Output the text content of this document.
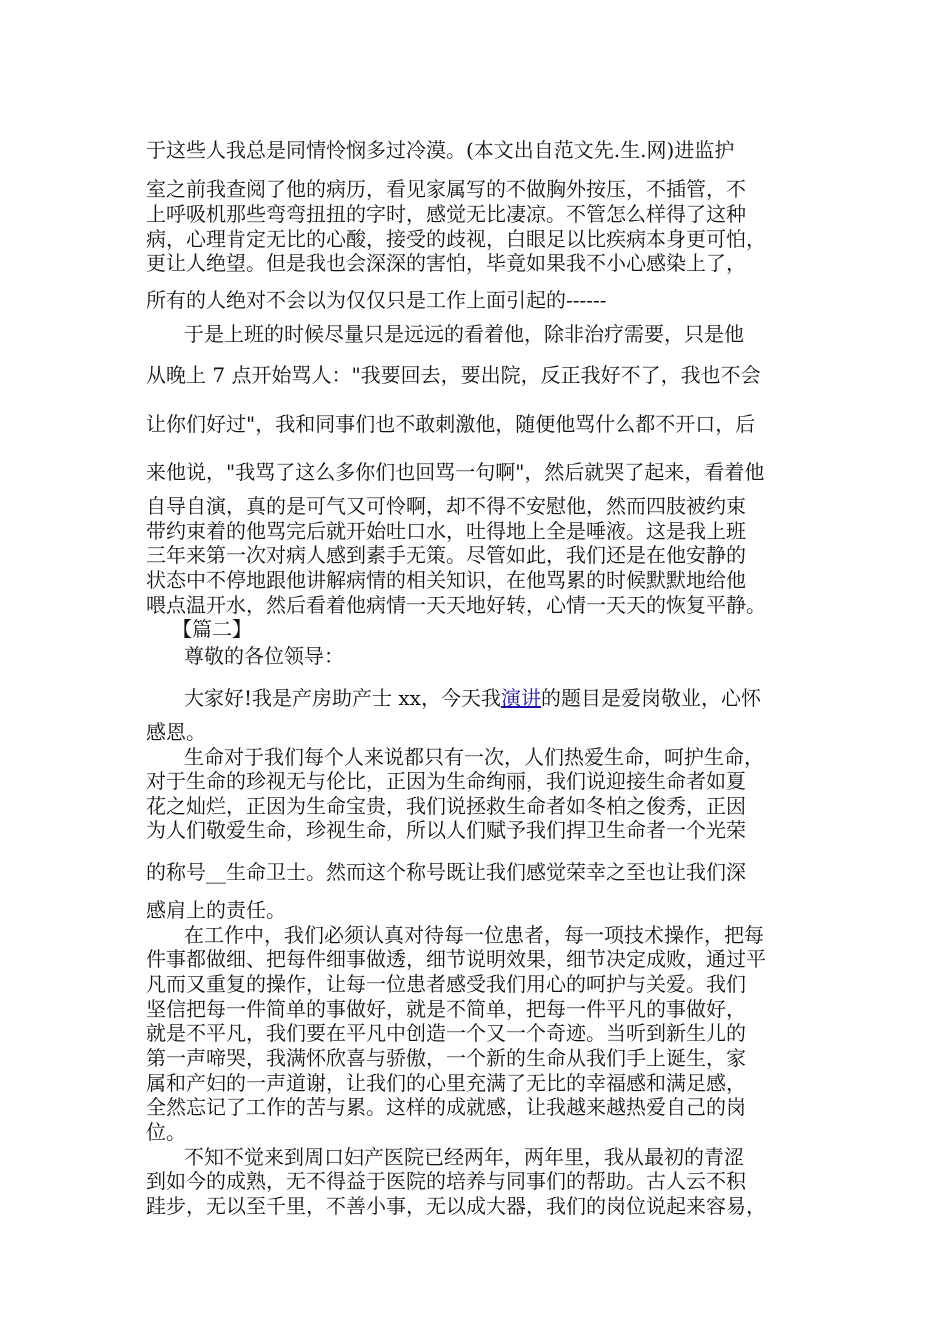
于这些人我总是同情怜悯多过冷漠。(本文出自范文先.生.网)进监护

室之前我查阅了他的病历，看见家属写的不做胸外按压，不插管，不

上呼吸机那些弯弯扭扭的字时，感觉无比凄凉。不管怎么样得了这种

病，心理肯定无比的心酸，接受的歧视，白眼足以比疾病本身更可怕，

更让人绝望。但是我也会深深的害怕，毕竟如果我不小心感染上了，

所有的人绝对不会以为仅仅只是工作上面引起的------

于是上班的时候尽量只是远远的看着他，除非治疗需要，只是他

从晚上 7 点开始骂人："我要回去，要出院，反正我好不了，我也不会

让你们好过"，我和同事们也不敢刺激他，随便他骂什么都不开口，后

来他说，"我骂了这么多你们也回骂一句啊"，然后就哭了起来，看着他

自导自演，真的是可气又可怜啊，却不得不安慰他，然而四肢被约束

带约束着的他骂完后就开始吐口水，吐得地上全是唾液。这是我上班

三年来第一次对病人感到素手无策。尽管如此，我们还是在他安静的

状态中不停地跟他讲解病情的相关知识，在他骂累的时候默默地给他

喂点温开水，然后看着他病情一天天地好转，心情一天天的恢复平静。

【篇二】

尊敬的各位领导：

大家好!我是产房助产士 xx，今天我演讲的题目是爱岗敬业，心怀

感恩。

生命对于我们每个人来说都只有一次，人们热爱生命，呵护生命，

对于生命的珍视无与伦比，正因为生命绚丽，我们说迎接生命者如夏

花之灿烂，正因为生命宝贵，我们说拯救生命者如冬柏之俊秀，正因

为人们敬爱生命，珍视生命，所以人们赋予我们捍卫生命者一个光荣

的称号__生命卫士。然而这个称号既让我们感觉荣幸之至也让我们深

感肩上的责任。

在工作中，我们必须认真对待每一位患者，每一项技术操作，把每

件事都做细、把每件细事做透，细节说明效果，细节决定成败，通过平

凡而又重复的操作，让每一位患者感受我们用心的呵护与关爱。我们

坚信把每一件简单的事做好，就是不简单，把每一件平凡的事做好，

就是不平凡，我们要在平凡中创造一个又一个奇迹。当听到新生儿的

第一声啼哭，我满怀欣喜与骄傲，一个新的生命从我们手上诞生，家

属和产妇的一声道谢，让我们的心里充满了无比的幸福感和满足感，

全然忘记了工作的苦与累。这样的成就感，让我越来越热爱自己的岗

位。

不知不觉来到周口妇产医院已经两年，两年里，我从最初的青涩

到如今的成熟，无不得益于医院的培养与同事们的帮助。古人云不积

跬步，无以至千里，不善小事，无以成大器，我们的岗位说起来容易，
